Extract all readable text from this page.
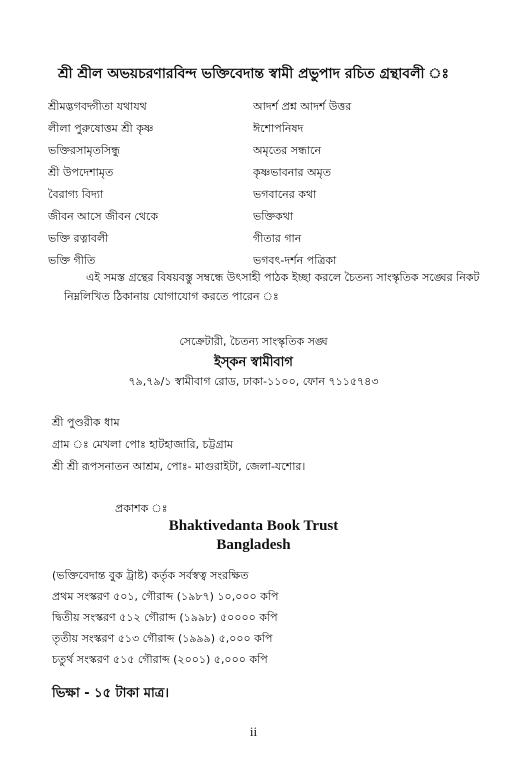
শ্রী শ্রীল অভয়চরণারবিন্দ ভক্তিবেদান্ত স্বামী প্রভুপাদ রচিত গ্রন্থাবলী ঃ
শ্রীমদ্ভগবদ্গীতা যথাযথ	আদর্শ প্রশ্ন আদর্শ উত্তর
লীলা পুরুষোত্তম শ্রী কৃষ্ণ	ঈশোপনিষদ
ভক্তিরসামৃতসিন্ধু	অমৃতের সন্ধানে
শ্রী উপদেশামৃত	কৃষ্ণভাবনার অমৃত
বৈরাগ্য বিদ্যা	ভগবানের কথা
জীবন আসে জীবন থেকে	ভক্তিকথা
ভক্তি রত্নাবলী	গীতার গান
ভক্তি গীতি	ভগবৎ-দর্শন পত্রিকা
এই সমস্ত গ্রন্থের বিষয়বস্তু সম্বন্ধে উৎসাহী পাঠক ইচ্ছা করলে চৈতন্য সাংস্কৃতিক সঙ্ঘের নিকট নিম্নলিখিত ঠিকানায় যোগাযোগ করতে পারেন ঃ
সেক্রেটারী, চৈতন্য সাংস্কৃতিক সঙ্ঘ
ইস্‌কন স্বামীবাগ
৭৯,৭৯/১ স্বামীবাগ রোড, ঢাকা-১১০০, ফোন ৭১১৫৭৪৩
শ্রী পুণ্ডরীক ধাম
গ্রাম ঃ মেখলা পোঃ হাটহাজারি, চট্টগ্রাম
শ্রী শ্রী রূপসনাতন আশ্রম, পোঃ- মাগুরাইটা, জেলা-যশোর।
প্রকাশক ঃ
Bhaktivedanta Book Trust
Bangladesh
(ভক্তিবেদান্ত বুক ট্রাষ্ট) কর্তৃক সর্বস্বত্ব সংরক্ষিত
প্রথম সংস্করণ ৫০১, গৌরাব্দ (১৯৮৭) ১০,০০০ কপি
দ্বিতীয় সংস্করণ ৫১২ গৌরাব্দ (১৯৯৮) ৫০০০০ কপি
তৃতীয় সংস্করণ ৫১৩ গৌরাব্দ (১৯৯৯) ৫,০০০ কপি
চতুর্থ সংস্করণ ৫১৫ গৌরাব্দ (২০০১) ৫,০০০ কপি
ভিক্ষা - ১৫ টাকা মাত্র।
ii
